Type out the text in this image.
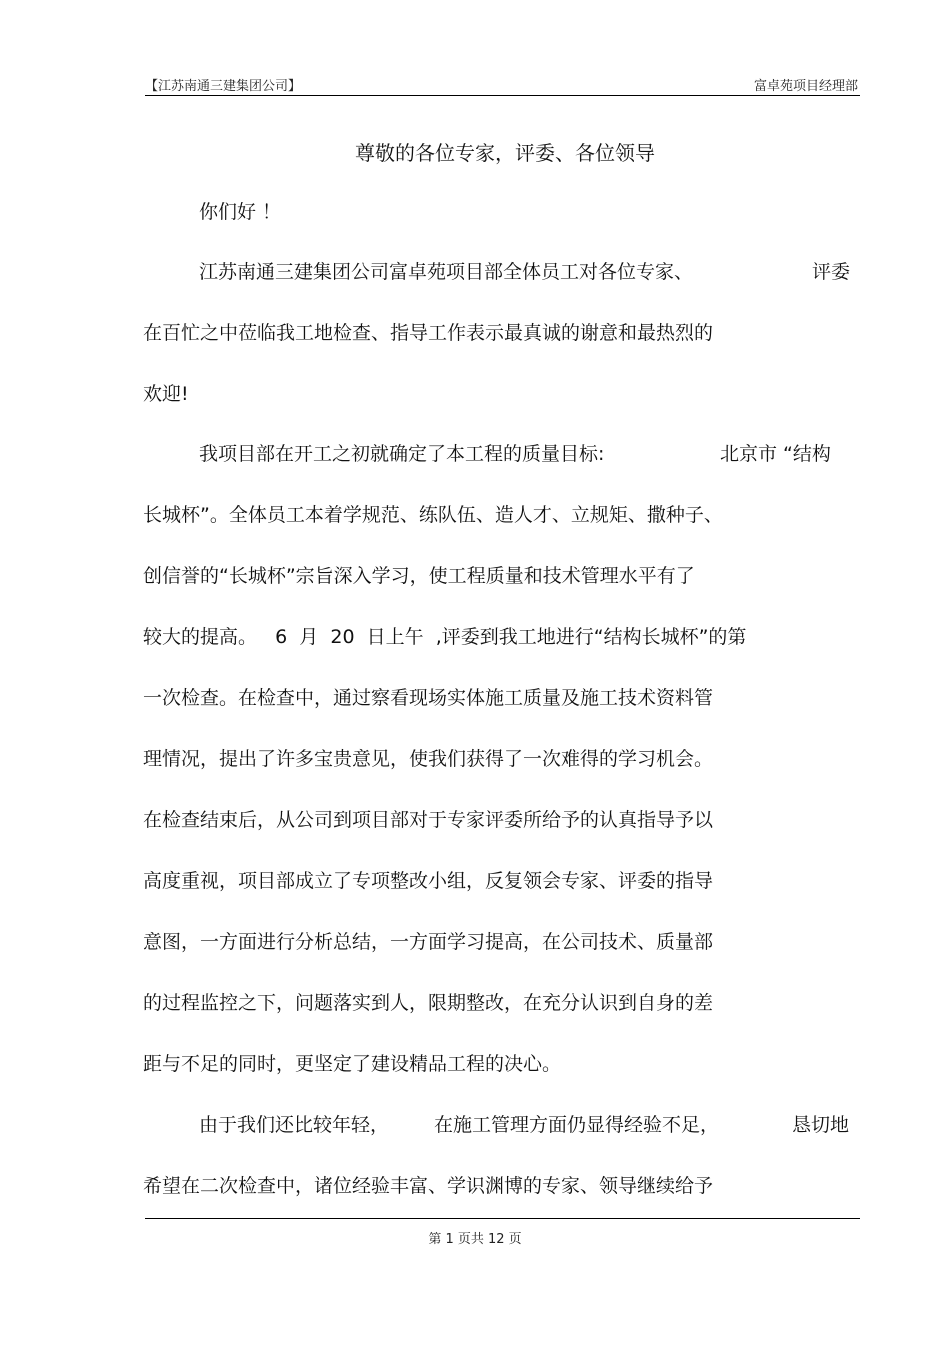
【江苏南通三建集团公司】	富卓苑项目经理部
尊敬的各位专家，评委、各位领导
你们好 ！
江苏南通三建集团公司富卓苑项目部全体员工对各位专家、	评委
在百忙之中莅临我工地检查、指导工作表示最真诚的谢意和最热烈的
欢迎!
我项目部在开工之初就确定了本工程的质量目标:	北京市 “结构
长城杯”。全体员工本着学规范、练队伍、造人才、立规矩、撒种子、
创信誉的“长城杯”宗旨深入学习，使工程质量和技术管理水平有了
较大的提高。   6  月  20  日上午  ,评委到我工地进行“结构长城杯”的第
一次检查。在检查中，通过察看现场实体施工质量及施工技术资料管
理情况，提出了许多宝贵意见，使我们获得了一次难得的学习机会。
在检查结束后，从公司到项目部对于专家评委所给予的认真指导予以
高度重视，项目部成立了专项整改小组，反复领会专家、评委的指导
意图，一方面进行分析总结，一方面学习提高，在公司技术、质量部
的过程监控之下，问题落实到人，限期整改，在充分认识到自身的差
距与不足的同时，更坚定了建设精品工程的决心。
由于我们还比较年轻， 在施工管理方面仍显得经验不足，	恳切地
希望在二次检查中，诸位经验丰富、学识渊博的专家、领导继续给予
第 1 页共 12 页
